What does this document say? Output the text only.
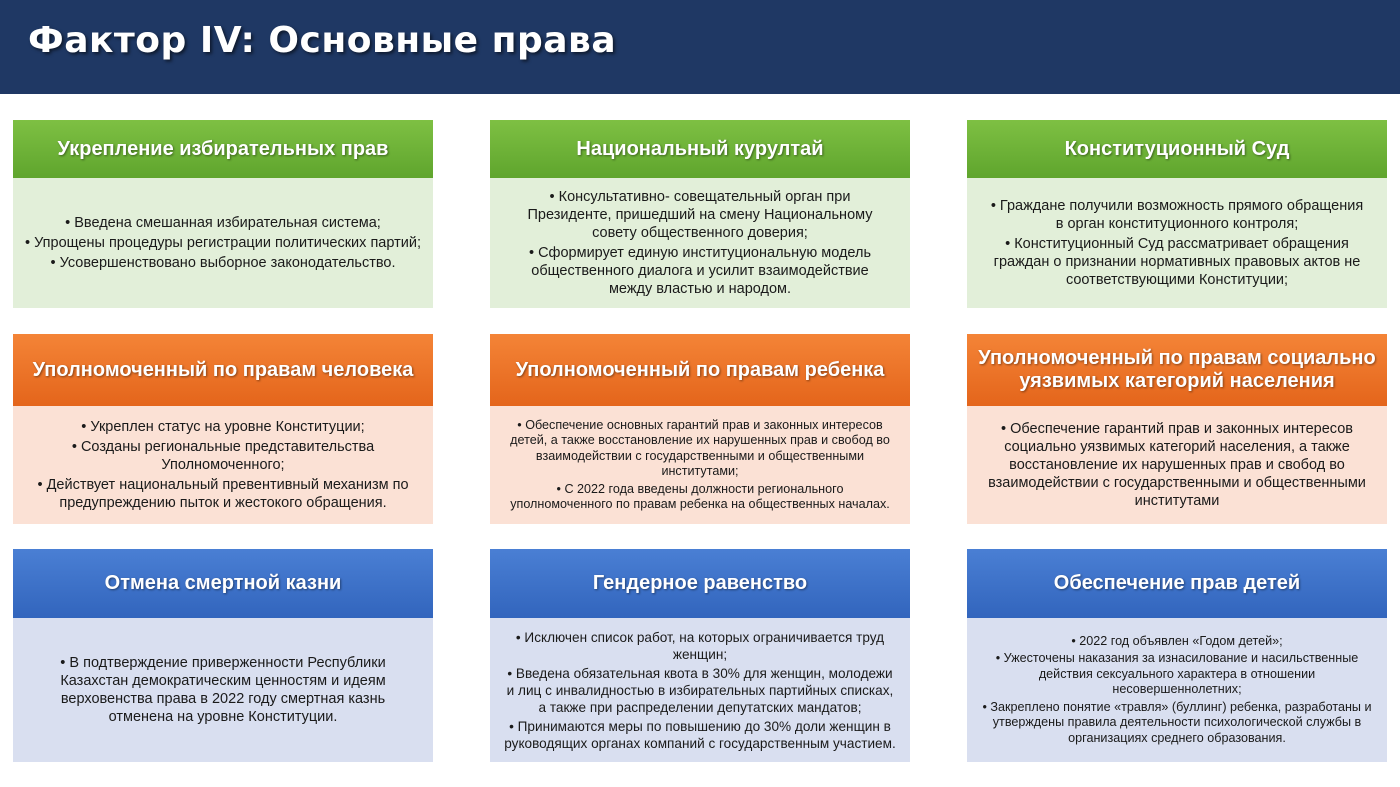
Фактор IV: Основные права
Укрепление избирательных прав
• Введена смешанная избирательная система;
• Упрощены процедуры регистрации политических партий;
• Усовершенствовано выборное законодательство.
Национальный курултай
• Консультативно- совещательный орган при Президенте, пришедший на смену Национальному совету общественного доверия;
• Сформирует единую институциональную модель общественного диалога и усилит взаимодействие между властью и народом.
Конституционный Суд
• Граждане получили возможность прямого обращения в орган конституционного контроля;
• Конституционный Суд рассматривает обращения граждан о признании нормативных правовых актов не соответствующими Конституции;
Уполномоченный по правам человека
• Укреплен статус на уровне Конституции;
• Созданы региональные представительства Уполномоченного;
• Действует национальный превентивный механизм по предупреждению пыток и жестокого обращения.
Уполномоченный по правам ребенка
• Обеспечение основных гарантий прав и законных интересов детей, а также восстановление их нарушенных прав и свобод во взаимодействии с государственными и общественными институтами;
• С 2022 года введены должности регионального уполномоченного по правам ребенка на общественных началах.
Уполномоченный по правам социально уязвимых категорий населения
• Обеспечение гарантий прав и законных интересов социально уязвимых категорий населения, а также восстановление их нарушенных прав и свобод во взаимодействии с государственными и общественными институтами
Отмена смертной казни
• В подтверждение приверженности Республики Казахстан демократическим ценностям и идеям верховенства права в 2022 году смертная казнь отменена на уровне Конституции.
Гендерное равенство
• Исключен список работ, на которых ограничивается труд женщин;
• Введена обязательная квота в 30% для женщин, молодежи и лиц с инвалидностью в избирательных партийных списках, а также при распределении депутатских мандатов;
• Принимаются меры по повышению до 30% доли женщин в руководящих органах компаний с государственным участием.
Обеспечение прав детей
• 2022 год объявлен «Годом детей»;
• Ужесточены наказания за изнасилование и насильственные действия сексуального характера в отношении несовершеннолетних;
• Закреплено понятие «травля» (буллинг) ребенка, разработаны и утверждены правила деятельности психологической службы в организациях среднего образования.
